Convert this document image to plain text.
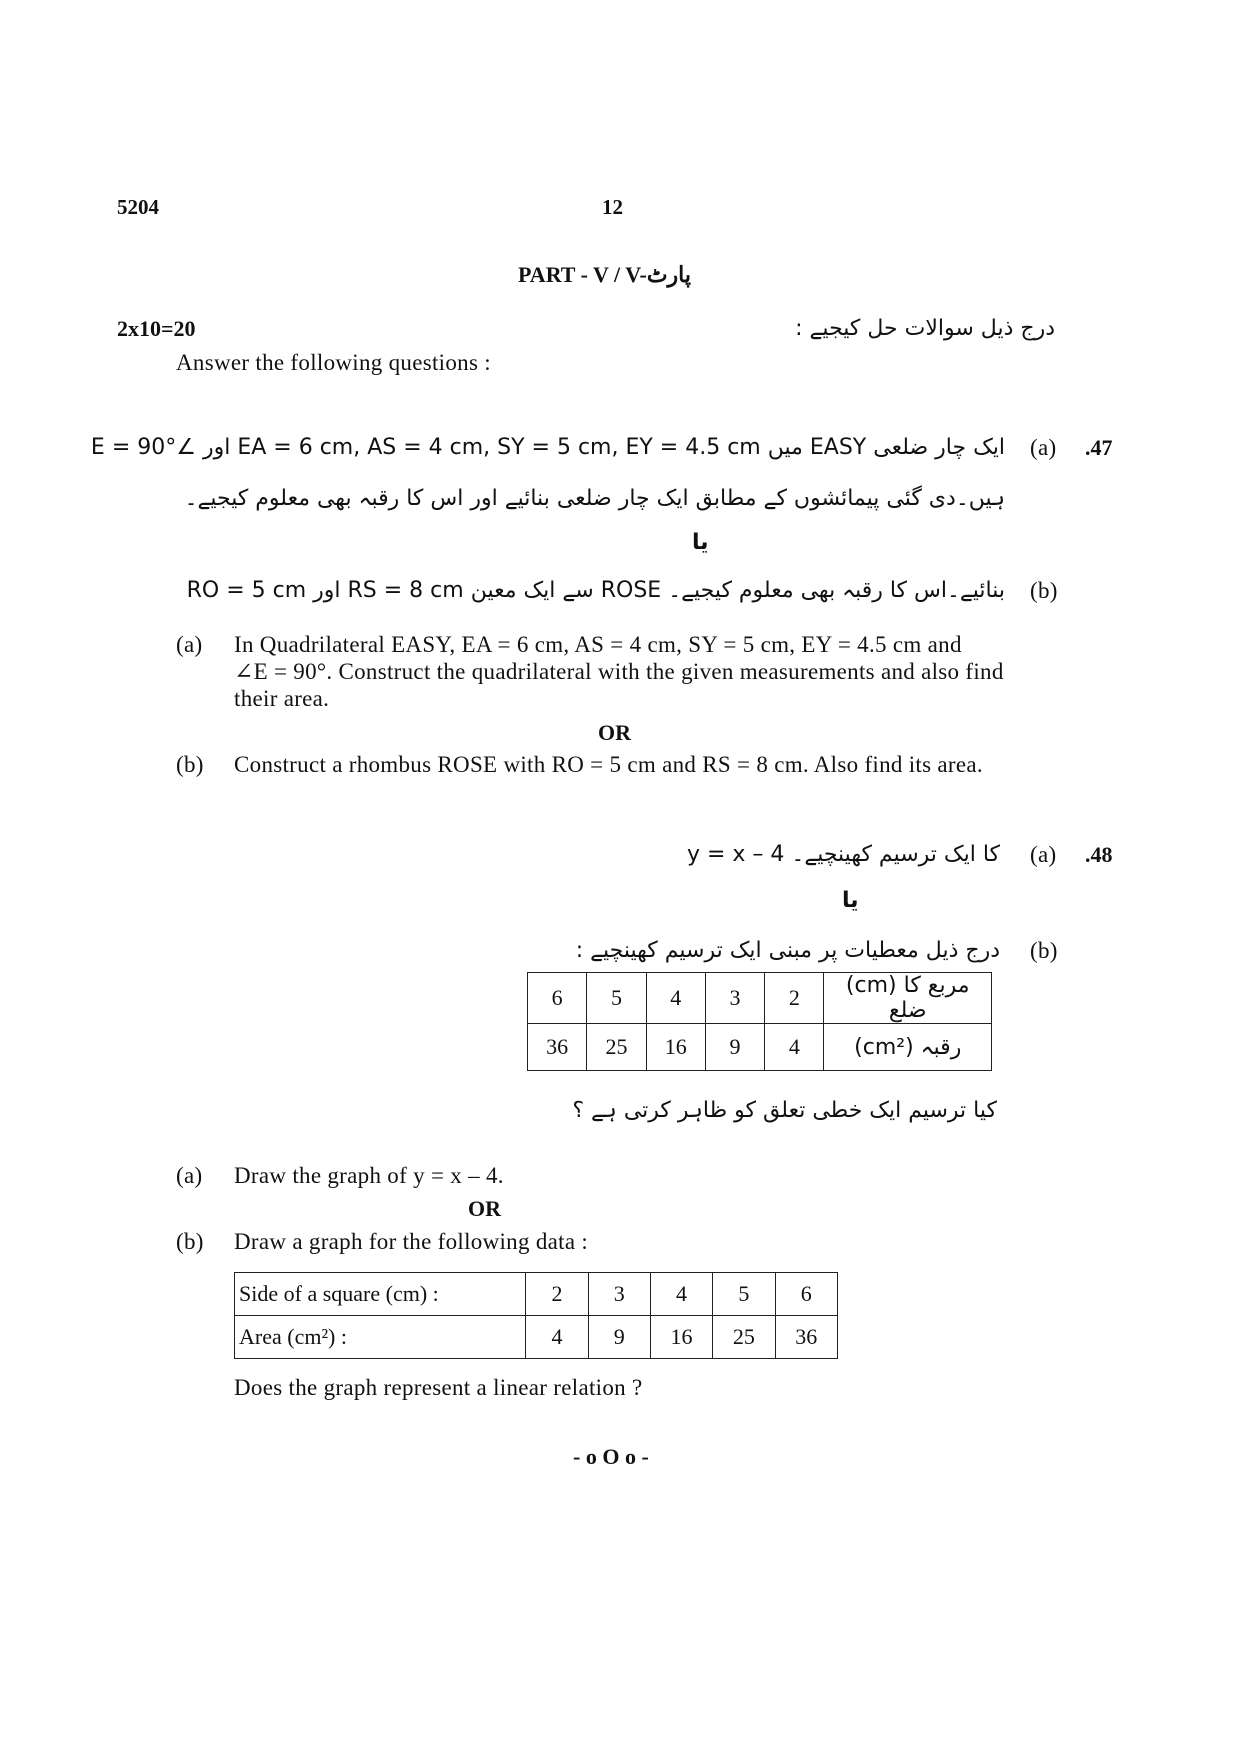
5204	12
PART - V / V-پارٹ
2x10=20	درج ذیل سوالات حل کیجیے :
Answer the following questions :
.47
(a)
ایک چار ضلعی EASY میں EA = 6 cm, AS = 4 cm, SY = 5 cm, EY = 4.5 cm اور ∠E = 90°
ہیں۔دی گئی پیمائشوں کے مطابق ایک چار ضلعی بنائیے اور اس کا رقبہ بھی معلوم کیجیے۔
یا
(b)
RO = 5 cm اور RS = 8 cm سے ایک معین ROSE بنائیے۔اس کا رقبہ بھی معلوم کیجیے۔
(a) In Quadrilateral EASY, EA = 6 cm, AS = 4 cm, SY = 5 cm, EY = 4.5 cm and
∠E = 90°. Construct the quadrilateral with the given measurements and also find
their area.
OR
(b) Construct a rhombus ROSE with RO = 5 cm and RS = 8 cm. Also find its area.
.48
(a)
y = x – 4 کا ایک ترسیم کھینچیے۔
یا
(b)
درج ذیل معطیات پر مبنی ایک ترسیم کھینچیے :
6	5	4	3	2	(cm) مربع کا ضلع
36	25	16	9	4	(cm²) رقبہ
کیا ترسیم ایک خطی تعلق کو ظاہر کرتی ہے ؟
(a) Draw the graph of y = x – 4.
OR
(b) Draw a graph for the following data :
Side of a square (cm) :	2	3	4	5	6
Area (cm²) :	4	9	16	25	36
Does the graph represent a linear relation ?
- o O o -
